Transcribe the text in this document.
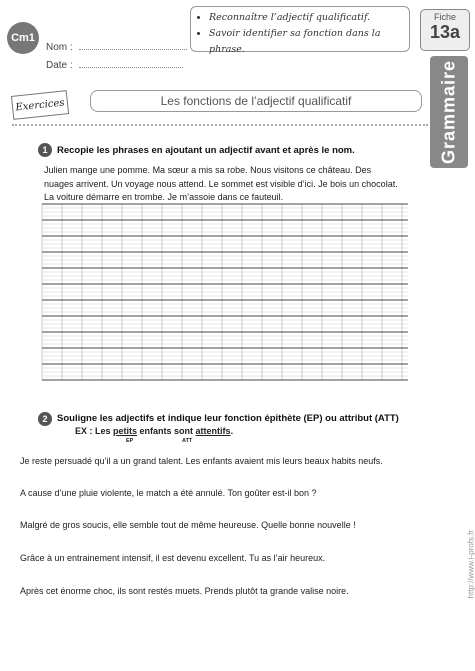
Cm1
Nom :
Date :
• Reconnaître l’adjectif qualificatif.
• Savoir identifier sa fonction dans la phrase.
Fiche
13a
Grammaire
Exercices	Les fonctions de l’adjectif qualificatif
1	Recopie les phrases en ajoutant un adjectif avant et après le nom.
Julien mange une pomme. Ma sœur a mis sa robe. Nous visitons ce château. Des
nuages arrivent. Un voyage nous attend. Le sommet est visible d’ici. Je bois un chocolat.
La voiture démarre en trombe. Je m’assoie dans ce fauteuil.
2	Souligne les adjectifs et indique leur fonction épithète (EP) ou attribut (ATT)
EX : Les petits enfants sont attentifs.
EP	ATT
Je reste persuadé qu’il a un grand talent. Les enfants avaient mis leurs beaux habits neufs.
A cause d’une pluie violente, le match a été annulé. Ton goûter est-il bon ?
Malgré de gros soucis, elle semble tout de même heureuse. Quelle bonne nouvelle !
Grâce à un entrainement intensif, il est devenu excellent. Tu as l’air heureux.
Après cet énorme choc, ils sont restés muets. Prends plutôt ta grande valise noire.	http://www.i-profs.fr
